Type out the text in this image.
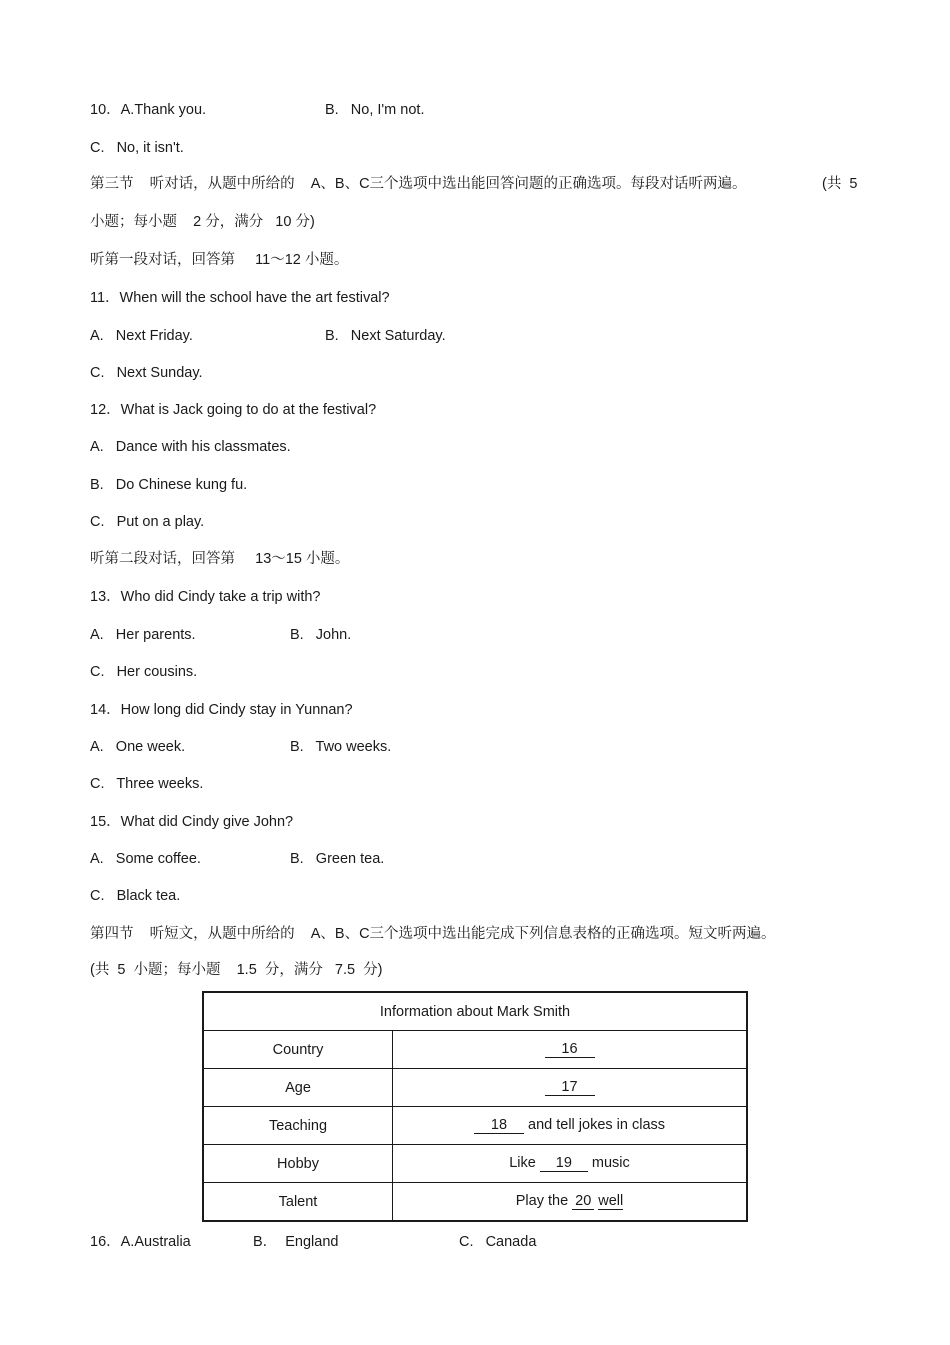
10．A.Thank you.	B.   No, I'm not.
C.   No, it isn't.
第三节    听对话，从题中所给的    A、B、C三个选项中选出能回答问题的正确选项。每段对话听两遍。	(共  5
小题；每小题    2 分，满分   10 分)
听第一段对话，回答第     11～12 小题。
11．When will the school have the art festival?
A.   Next Friday.	B.   Next Saturday.
C.   Next Sunday.
12．What is Jack going to do at the festival?
A.   Dance with his classmates.
B.   Do Chinese kung fu.
C.   Put on a play.
听第二段对话，回答第     13～15 小题。
13．Who did Cindy take a trip with?
A.   Her parents.	B.   John.
C.   Her cousins.
14．How long did Cindy stay in Yunnan?
A.   One week.	B.   Two weeks.
C.   Three weeks.
15．What did Cindy give John?
A.   Some coffee.	B.   Green tea.
C.   Black tea.
第四节    听短文，从题中所给的    A、B、C三个选项中选出能完成下列信息表格的正确选项。短文听两遍。
(共  5  小题；每小题    1.5  分，满分   7.5  分)
Information about Mark Smith	
Country	16
Age	17
Teaching	18 and tell jokes in class
Hobby	Like 19 music
Talent	Play the 20 well
16．A.Australia	B．  England	C.   Canada
